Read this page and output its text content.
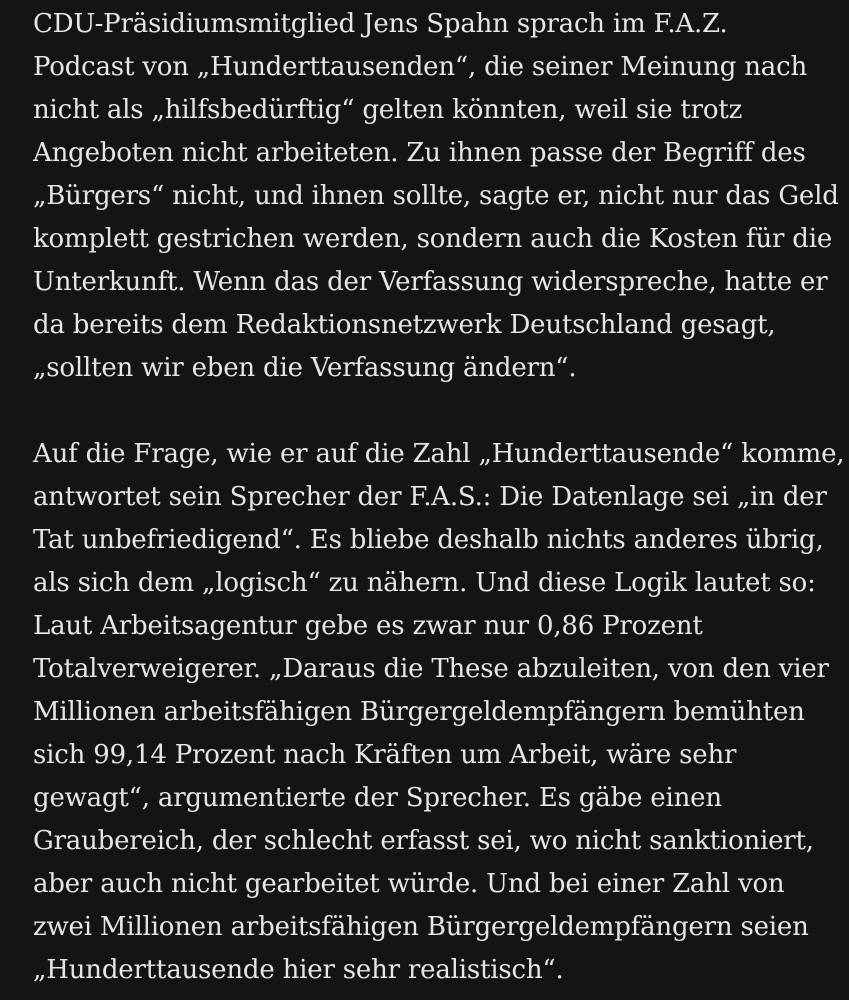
CDU-Präsidiumsmitglied Jens Spahn sprach im F.A.Z.
Podcast von „Hunderttausenden“, die seiner Meinung nach
nicht als „hilfsbedürftig“ gelten könnten, weil sie trotz
Angeboten nicht arbeiteten. Zu ihnen passe der Begriff des
„Bürgers“ nicht, und ihnen sollte, sagte er, nicht nur das Geld
komplett gestrichen werden, sondern auch die Kosten für die
Unterkunft. Wenn das der Verfassung widerspreche, hatte er
da bereits dem Redaktionsnetzwerk Deutschland gesagt,
„sollten wir eben die Verfassung ändern“.

Auf die Frage, wie er auf die Zahl „Hunderttausende“ komme,
antwortet sein Sprecher der F.A.S.: Die Datenlage sei „in der
Tat unbefriedigend“. Es bliebe deshalb nichts anderes übrig,
als sich dem „logisch“ zu nähern. Und diese Logik lautet so:
Laut Arbeitsagentur gebe es zwar nur 0,86 Prozent
Totalverweigerer. „Daraus die These abzuleiten, von den vier
Millionen arbeitsfähigen Bürgergeldempfängern bemühten
sich 99,14 Prozent nach Kräften um Arbeit, wäre sehr
gewagt“, argumentierte der Sprecher. Es gäbe einen
Graubereich, der schlecht erfasst sei, wo nicht sanktioniert,
aber auch nicht gearbeitet würde. Und bei einer Zahl von
zwei Millionen arbeitsfähigen Bürgergeldempfängern seien
„Hunderttausende hier sehr realistisch“.
